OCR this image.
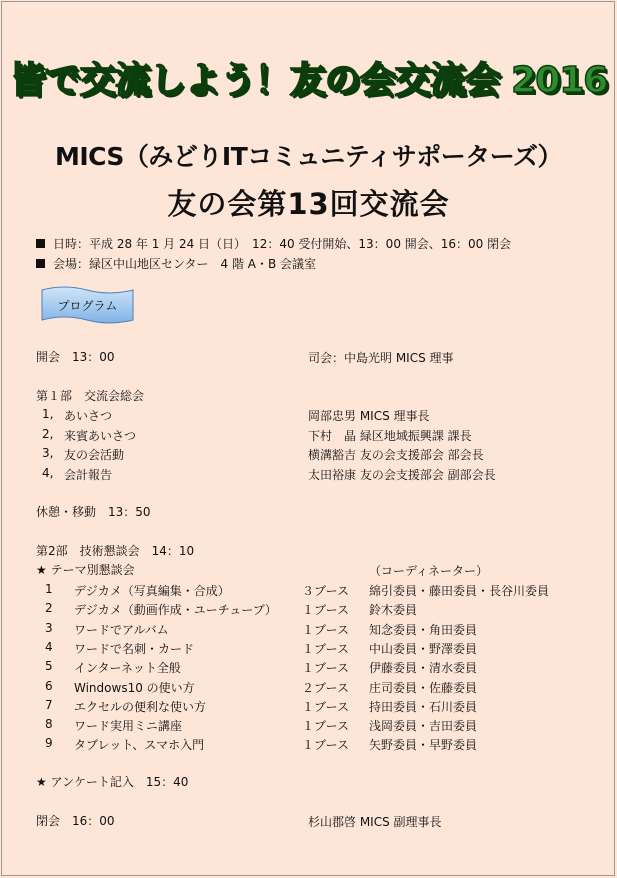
皆で交流しよう！友の会交流会 2016
MICS（みどりITコミュニティサポーターズ）
友の会第13回交流会
日時：平成 28 年 1 月 24 日（日）　12：40 受付開始、13：00 開会、16：00 閉会
会場：緑区中山地区センター　4 階 A・B 会議室
プログラム
開会　13：00	司会：中島光明 MICS 理事
第１部　交流会総会
1, あいさつ	岡部忠男 MICS 理事長
2, 来賓あいさつ	下村　晶 緑区地域振興課 課長
3, 友の会活動	横溝豁吉 友の会支援部会 部会長
4, 会計報告	太田裕康 友の会支援部会 副部会長
休憩・移動　13：50
第2部　技術懇談会　14：10
★ テーマ別懇談会	（コーディネーター）
1 デジカメ（写真編集・合成）	３ブース 綿引委員・藤田委員・長谷川委員
2 デジカメ（動画作成・ユーチューブ） １ブース 鈴木委員
3 ワードでアルバム	１ブース 知念委員・角田委員
4 ワードで名刺・カード	１ブース 中山委員・野澤委員
5 インターネット全般	１ブース 伊藤委員・清水委員
6 Windows10 の使い方	２ブース 庄司委員・佐藤委員
7 エクセルの便利な使い方	１ブース 持田委員・石川委員
8 ワード実用ミニ講座	１ブース 浅岡委員・吉田委員
9 タブレット、スマホ入門	１ブース 矢野委員・早野委員
★ アンケート記入　15：40
閉会　16：00	杉山郡啓 MICS 副理事長
